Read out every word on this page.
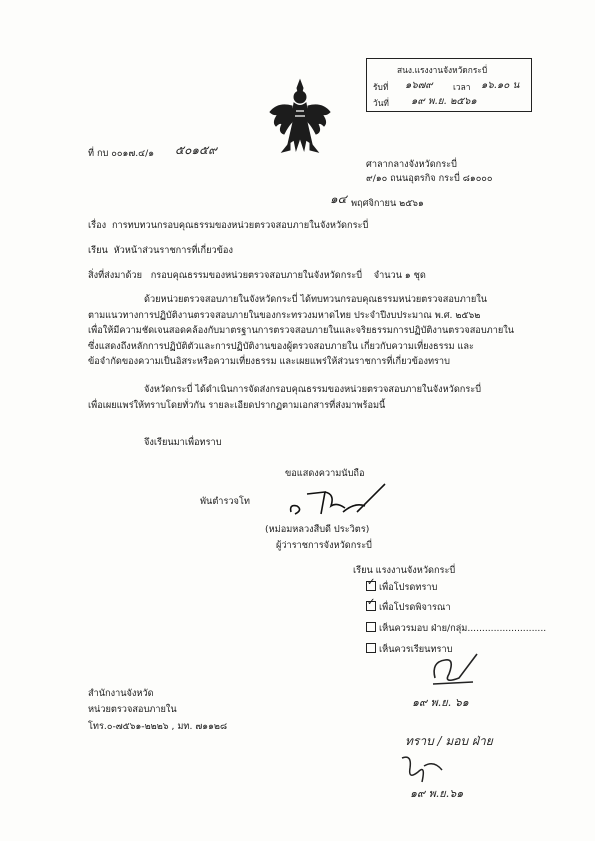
สนง.แรงงานจังหวัดกระบี่
รับที่ ๑๖๗๙ เวลา ๑๖.๑๐ น
วันที่ ๑๙ พ.ย. ๒๕๖๑
ที่ กบ ๐๐๑๗.๔/๑ ๕๐๑๕๙
ศาลากลางจังหวัดกระบี่
๙/๑๐ ถนนอุตรกิจ กระบี่ ๘๑๐๐๐
๑๔ พฤศจิกายน ๒๕๖๑
เรื่อง การทบทวนกรอบคุณธรรมของหน่วยตรวจสอบภายในจังหวัดกระบี่
เรียน หัวหน้าส่วนราชการที่เกี่ยวข้อง
สิ่งที่ส่งมาด้วย กรอบคุณธรรมของหน่วยตรวจสอบภายในจังหวัดกระบี่ จำนวน ๑ ชุด
ด้วยหน่วยตรวจสอบภายในจังหวัดกระบี่ ได้ทบทวนกรอบคุณธรรมหน่วยตรวจสอบภายใน
ตามแนวทางการปฏิบัติงานตรวจสอบภายในของกระทรวงมหาดไทย ประจำปีงบประมาณ พ.ศ. ๒๕๖๒
เพื่อให้มีความชัดเจนสอดคล้องกับมาตรฐานการตรวจสอบภายในและจริยธรรมการปฏิบัติงานตรวจสอบภายใน
ซึ่งแสดงถึงหลักการปฏิบัติตัวและการปฏิบัติงานของผู้ตรวจสอบภายใน เกี่ยวกับความเที่ยงธรรม และ
ข้อจำกัดของความเป็นอิสระหรือความเที่ยงธรรม และเผยแพร่ให้ส่วนราชการที่เกี่ยวข้องทราบ
จังหวัดกระบี่ ได้ดำเนินการจัดส่งกรอบคุณธรรมของหน่วยตรวจสอบภายในจังหวัดกระบี่
เพื่อเผยแพร่ให้ทราบโดยทั่วกัน รายละเอียดปรากฏตามเอกสารที่ส่งมาพร้อมนี้
จึงเรียนมาเพื่อทราบ
ขอแสดงความนับถือ
พันตำรวจโท
(หม่อมหลวงสืบดี ประวิตร)
ผู้ว่าราชการจังหวัดกระบี่
เรียน แรงงานจังหวัดกระบี่
✓เพื่อโปรดทราบ
✓เพื่อโปรดพิจารณา
เห็นควรมอบ ฝ่าย/กลุ่ม...........................
เห็นควรเรียนทราบ
๑๙ พ.ย. ๖๑
ทราบ / มอบ ฝ่าย
๑๙ พ.ย.๖๑
สำนักงานจังหวัด
หน่วยตรวจสอบภายใน
โทร.๐-๗๕๖๑-๒๒๒๖ , มท. ๗๑๑๒๘
